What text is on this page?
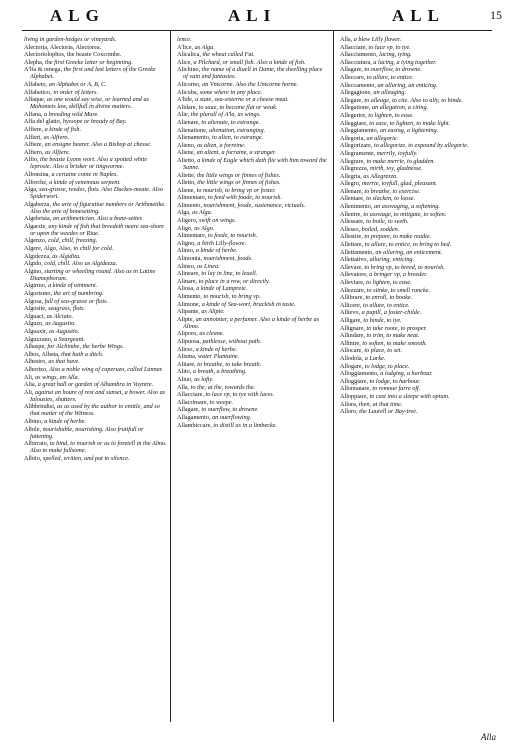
ALG	ALI	ALL	15
living in garden-hedges or vineyards.
Alectoria, Alectoria, Alectorea.
Alectoriolophos, the beaste Coxcombe.
Alepha, the first Greeke letter or beginning.
A'lfa & omega, the first and last letters of the Greeke Alphabet.
Alfabeto, an Alphabet or A, B, C.
Alfabetico, in order of letters.
Alfaque, as one would say wise, or learned and as Mahomets law, skillfull in divine matters.
Alfana, a breeding wild Mare.
Alfa del glatto, hyssope or bready of Bay.
Alfiere, a kinde of fish.
Alfieri, as Alfiero.
Alfiere, an ensigne bearer. Also a Bishop at chesse.
Alfiero, as Alfiere.
Alfio, the beaste Lyons wort. Also a spotted white leprosie. Also a brisker or tingworme.
Alfonsina, a certaine coine in Naples.
Alforche, a kinde of venemous serpent.
Alga, sea-grasse, reedes, flots. Also Duckes-meate. Also Spiderwort.
Algaberza, the arte of figuratiue numbers or Arithmetike. Also the arte of bonesetting.
Algebrista, an arithmetician. Also a bone-setter.
Algarzie, any kinde of fish that breedeth neare sea-shore or upon the weedes or Riue.
Algenzo, cold, chill, freezing.
Algere, Algo, Also, to chill for cold.
Algidezza, as Algidita.
Algido, cold, chill. Also as Algidezza.
Algino, starting or wheeling round. Also as in Latine Diamephorum.
Algirmo, a kinde of ointment.
Algorismo, the art of numbring.
Algosa, full of sea-grasse or flots.
Algosite, seagrass, flots.
Alguaci, as Alciato.
Alguzo, as Augustio.
Alguaxir, as Augustio.
Alguzzano, a Seargeant.
Alhaspe, for Alchimbe, the herbe Wings.
Alhos, Alheta, that hath a ditch.
Alhestro, as that have.
Alhorizo, Also a noble wing of caperuzo, called Lannar.
Ali, as wings, an Alla.
Alia, a great hall or garden of Alhambra in Vuynire.
Ali, against an houre of rest and sunset, a bower. Also as Ialousies, shutters.
Alibbrindisi, as as used by the author to entitle, and so that matter of the Witness.
Albino, a kinde of herbe.
Albile, nourishable, nourishing. Also fruitfull or fattening.
Albirrato, to bind, to nourish or as to foretell in the Almo. Also to make fullsome.
Albito, spelled, written, and put to silence.
lence.
A'lice, as Alga.
Alicalica, the wheat called Fat.
Alice, a Pilchard, or small fish. Also a kinde of fish.
Alichino, the name of a diuell in Dante, the dwelling place of vain and fantasies.
Alicorno, an Vnicorne. Also the Unicorne horne.
Alicuba, some where in any place.
A'lide, a state, sea-sisterne or a cheese meat.
Alidare, to saue, to become flat or weak.
Alie, the plurall of A'la, as wings.
Alienare, to alienate, to estrange.
Alienatione, alienation, estranging.
Alienamento, to alien, to estrange.
Alieno, as alien, a forreine.
Aliene, an alient, a forraine, a stranger.
Alietto, a kinde of Eagle which deth flie with him toward the Sunne.
Aliette, the little wings or finnes of fishes.
Alletto, the little wings or finnes of fishes.
Aliene, to nourish, to bring vp or foster.
Alimentare, to feed with foode, to nourish.
Alimento, nourishment, foode, sustenance, victuals.
Alga, as Alga.
Aligero, swift on wings.
Aligo, as Algo.
Alimentare, to feede, to nourish.
Aligno, a birth Lilly-flowre.
Alimo, a kinde of herbe.
Alimonia, nourishment, foode.
Alineo, as Linea.
Alineare, to lay in line, to leuell.
Alinare, to place in a row, or directly.
Aliosa, a kinde of Lampreie.
Alimento, to nourish, to bring vp.
Alimone, a kinde of Sea-wort, brackish in taste.
Alipante, as Alipte.
Alipte, an annointer, a perfumer. Also a kinde of herbe as Alimo.
Aliporo, as cleane.
Alipuosa, pathlesse, without path.
Alirso, a kinde of herbe.
Alisma, water Plantaine.
Alitare, to breathe, to take breath.
Alito, a breath, a breathing.
Aliuo, as lofty.
Alla, to the, at the, towards the.
Allacciare, to lace vp, to tye with laces.
Allacrimare, to weepe.
Allagare, to ouerflow, to drowne.
Allagamento, an ouerflowing.
Allambiccare, to distill as in a limbecke.
Alla, a blew Lilly flower.
Allacciare, to lace vp, to tye.
Allacciamento, lacing, tying.
Allacciatura, a lacing, a tying together.
Allagare, to ouerflow, to drowne.
Alleccare, to allure, to entice.
Alleccamento, an alluring, an enticing.
Allegagione, an alleaging.
Allegare, to alleage, to cite. Also to ally, to binde.
Allegatione, an allegation, a citing.
Allegerire, to lighten, to ease.
Alleggiare, to ease, to lighten, to make light.
Alleggiamento, an easing, a lightening.
Allegoria, an allegorie.
Allegorizare, to allegorize, to expound by allegorie.
Allegramente, merrily, ioyfully.
Allegrare, to make merrie, to gladden.
Allegrezza, mirth, ioy, gladnesse.
Allegria, as Allegrezza.
Allegro, merrie, ioyfull, glad, pleasant.
Allenare, to breathe, to exercise.
Allentare, to slacken, to loose.
Allenimento, an asswaging, a softening.
Allenire, to asswage, to mitigate, to soften.
Allessare, to boile, to seeth.
Allesso, boiled, sodden.
Allestire, to prepare, to make readie.
Allettare, to allure, to entice, to bring to bed.
Allettamento, an alluring, an enticement.
Allettativo, alluring, enticing.
Allevare, to bring vp, to breed, to nourish.
Allevatore, a bringer vp, a breeder.
Alleviare, to lighten, to ease.
Allezzare, to stinke, to smell rancke.
Allibrare, to enroll, to booke.
Allicere, to allure, to entice.
Allievo, a pupill, a foster-childe.
Alligare, to binde, to tye.
Allignare, to take roote, to prosper.
Allindare, to trim, to make neat.
Allinire, to soften, to make smooth.
Allocare, to place, to set.
Allodola, a Larke.
Allogare, to lodge, to place.
Alloggiamento, a lodging, a harbour.
Alloggiare, to lodge, to harbour.
Allontanare, to remoue farre off.
Alloppiare, to cast into a sleepe with opium.
Allora, then, at that time.
Alloro, the Laurell or Bay-tree.
Alla
